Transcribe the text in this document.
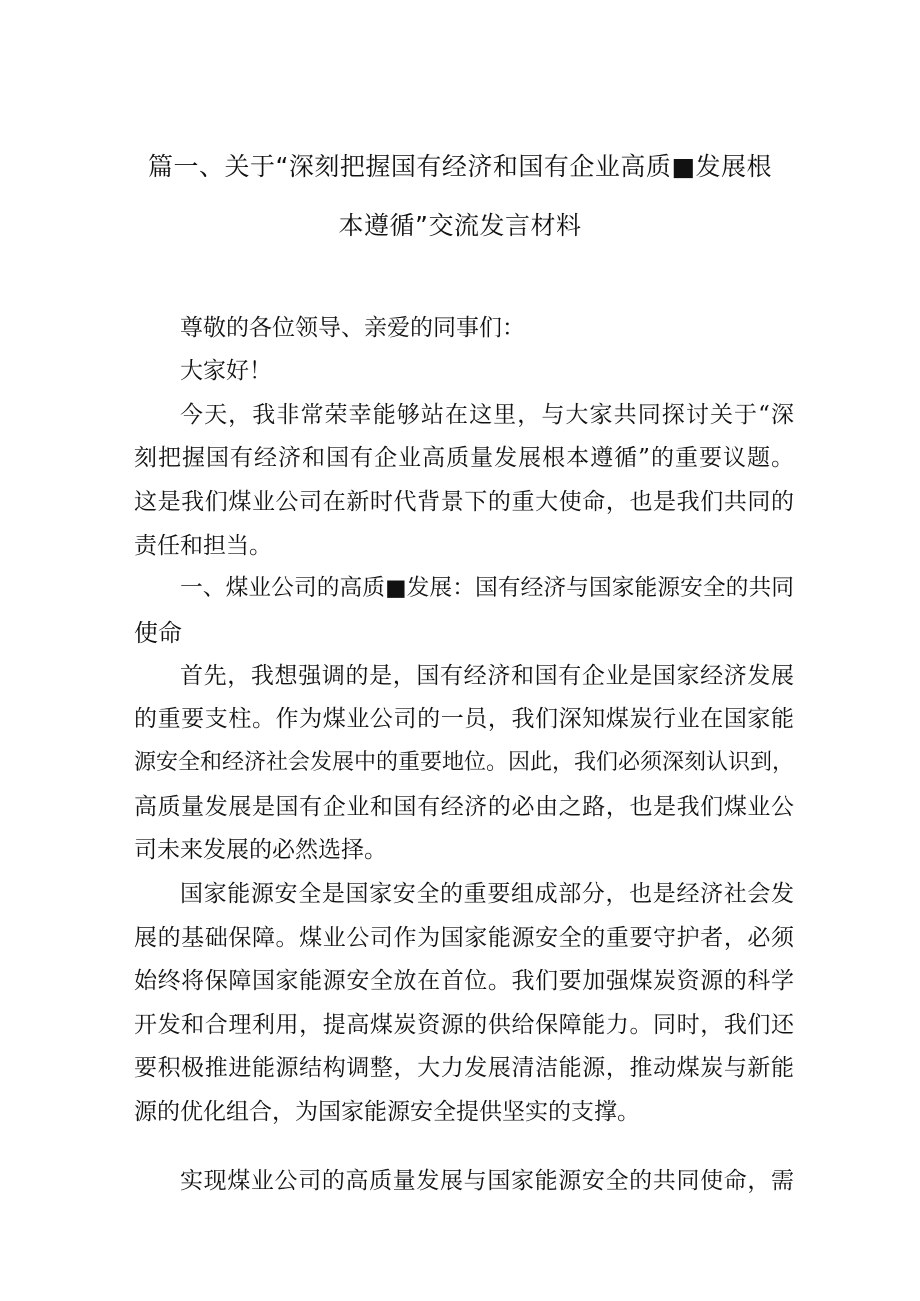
篇一、关于“深刻把握国有经济和国有企业高质■发展根
本遵循”交流发言材料
尊敬的各位领导、亲爱的同事们：
大家好！
今天，我非常荣幸能够站在这里，与大家共同探讨关于“深
刻把握国有经济和国有企业高质量发展根本遵循”的重要议题。
这是我们煤业公司在新时代背景下的重大使命，也是我们共同的
责任和担当。
一、煤业公司的高质■发展：国有经济与国家能源安全的共同
使命
首先，我想强调的是，国有经济和国有企业是国家经济发展
的重要支柱。作为煤业公司的一员，我们深知煤炭行业在国家能
源安全和经济社会发展中的重要地位。因此，我们必须深刻认识到，
高质量发展是国有企业和国有经济的必由之路，也是我们煤业公
司未来发展的必然选择。
国家能源安全是国家安全的重要组成部分，也是经济社会发
展的基础保障。煤业公司作为国家能源安全的重要守护者，必须
始终将保障国家能源安全放在首位。我们要加强煤炭资源的科学
开发和合理利用，提高煤炭资源的供给保障能力。同时，我们还
要积极推进能源结构调整，大力发展清洁能源，推动煤炭与新能
源的优化组合，为国家能源安全提供坚实的支撑。
实现煤业公司的高质量发展与国家能源安全的共同使命，需
